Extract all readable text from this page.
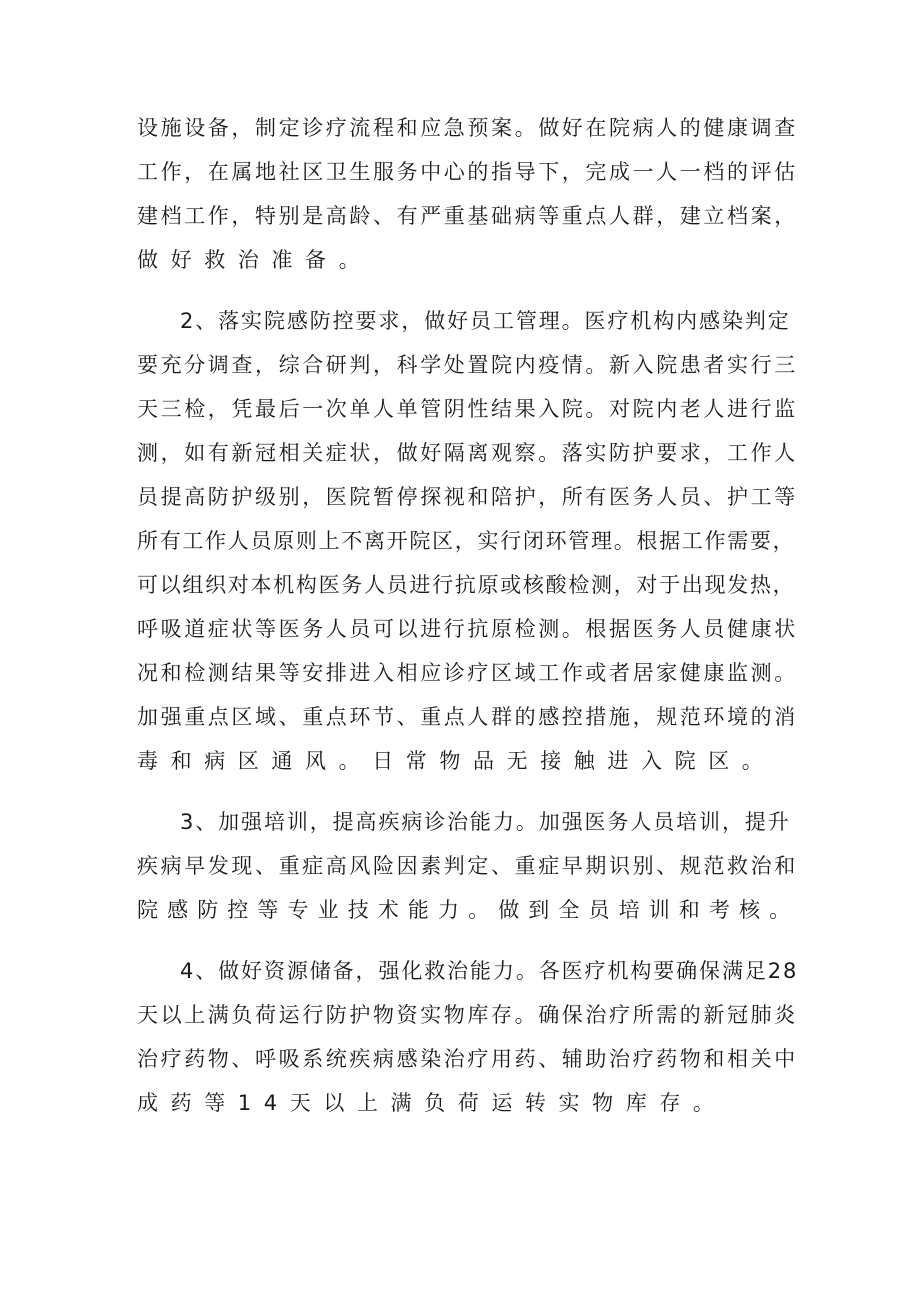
设施设备，制定诊疗流程和应急预案。做好在院病人的健康调查
工作，在属地社区卫生服务中心的指导下，完成一人一档的评估
建档工作，特别是高龄、有严重基础病等重点人群，建立档案，
做好救治准备。
2、落实院感防控要求，做好员工管理。医疗机构内感染判定
要充分调查，综合研判，科学处置院内疫情。新入院患者实行三
天三检，凭最后一次单人单管阴性结果入院。对院内老人进行监
测，如有新冠相关症状，做好隔离观察。落实防护要求，工作人
员提高防护级别，医院暂停探视和陪护，所有医务人员、护工等
所有工作人员原则上不离开院区，实行闭环管理。根据工作需要，
可以组织对本机构医务人员进行抗原或核酸检测，对于出现发热，
呼吸道症状等医务人员可以进行抗原检测。根据医务人员健康状
况和检测结果等安排进入相应诊疗区域工作或者居家健康监测。
加强重点区域、重点环节、重点人群的感控措施，规范环境的消
毒和病区通风。日常物品无接触进入院区。
3、加强培训，提高疾病诊治能力。加强医务人员培训，提升
疾病早发现、重症高风险因素判定、重症早期识别、规范救治和
院感防控等专业技术能力。做到全员培训和考核。
4、做好资源储备，强化救治能力。各医疗机构要确保满足28
天以上满负荷运行防护物资实物库存。确保治疗所需的新冠肺炎
治疗药物、呼吸系统疾病感染治疗用药、辅助治疗药物和相关中
成药等14天以上满负荷运转实物库存。
